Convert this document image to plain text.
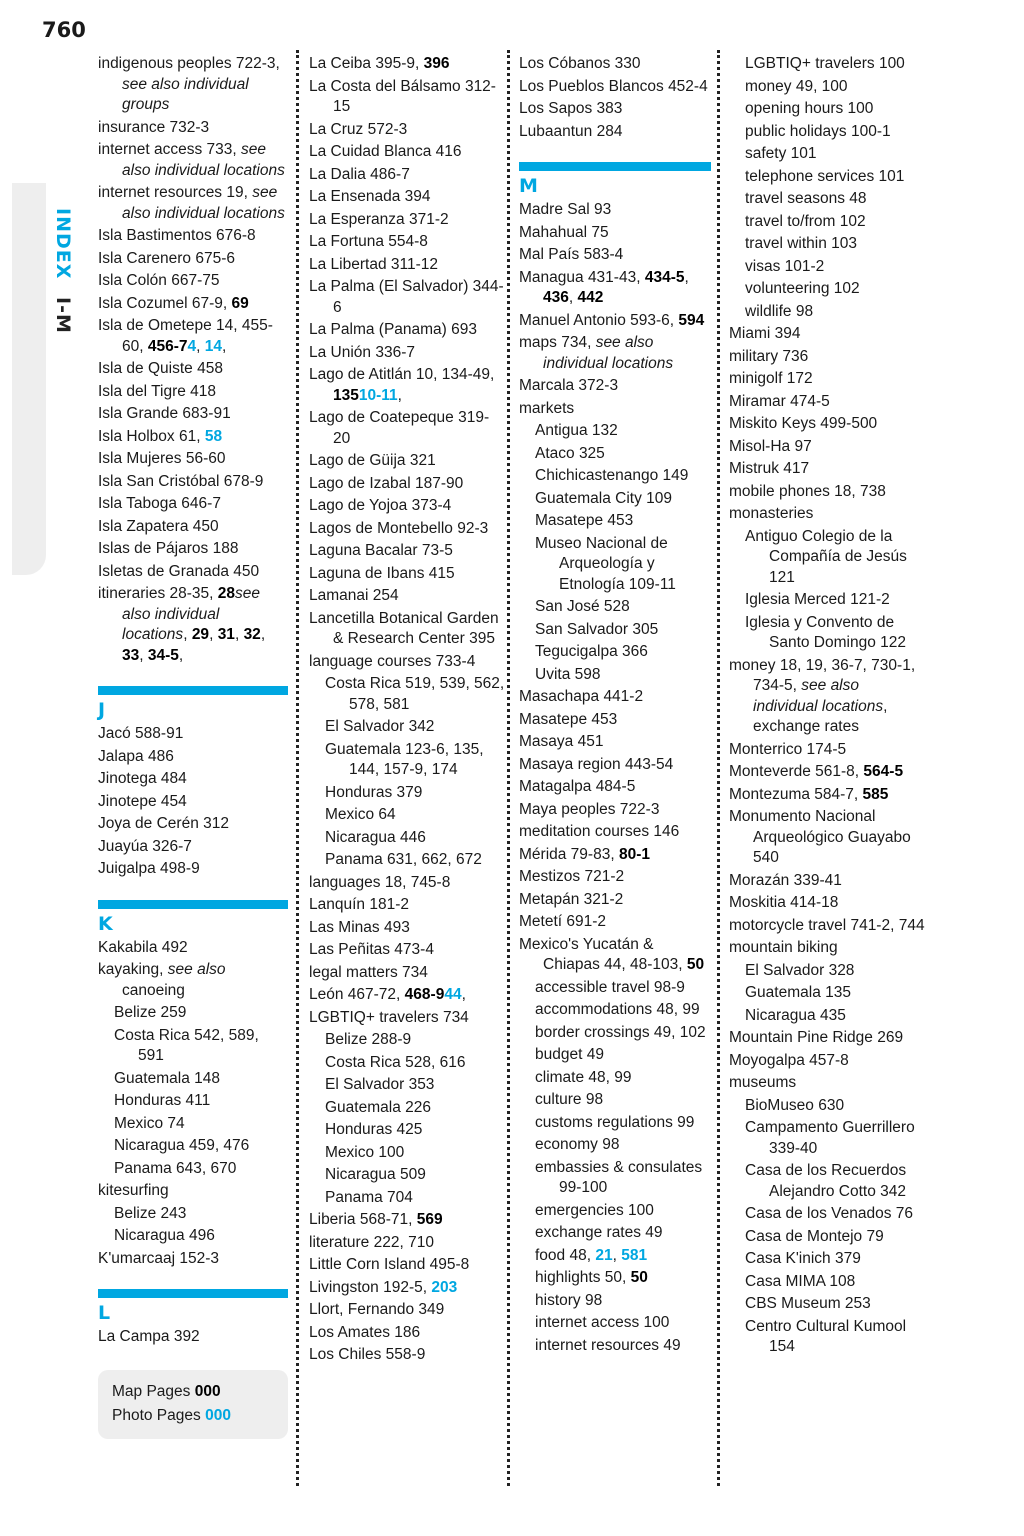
760
INDEX I-M
indigenous peoples 722-3, see also individual groups
insurance 732-3
internet access 733, see also individual locations
internet resources 19, see also individual locations
Isla Bastimentos 676-8
Isla Carenero 675-6
Isla Colón 667-75
Isla Cozumel 67-9, 69
Isla de Ometepe 14, 455-60, 456-74, 14,
Isla de Quiste 458
Isla del Tigre 418
Isla Grande 683-91
Isla Holbox 61, 58
Isla Mujeres 56-60
Isla San Cristóbal 678-9
Isla Taboga 646-7
Isla Zapatera 450
Islas de Pájaros 188
Isletas de Granada 450
itineraries 28-35, 28see also individual locations, 29, 31, 32, 33, 34-5,
J
Jacó 588-91
Jalapa 486
Jinotega 484
Jinotepe 454
Joya de Cerén 312
Juayúa 326-7
Juigalpa 498-9
K
Kakabila 492
kayaking, see also canoeing
Belize 259
Costa Rica 542, 589, 591
Guatemala 148
Honduras 411
Mexico 74
Nicaragua 459, 476
Panama 643, 670
kitesurfing
Belize 243
Nicaragua 496
K'umarcaaj 152-3
L
La Campa 392
Map Pages 000
Photo Pages 000
La Ceiba 395-9, 396
La Costa del Bálsamo 312-15
La Cruz 572-3
La Cuidad Blanca 416
La Dalia 486-7
La Ensenada 394
La Esperanza 371-2
La Fortuna 554-8
La Libertad 311-12
La Palma (El Salvador) 344-6
La Palma (Panama) 693
La Unión 336-7
Lago de Atitlán 10, 134-49, 13510-11,
Lago de Coatepeque 319-20
Lago de Güija 321
Lago de Izabal 187-90
Lago de Yojoa 373-4
Lagos de Montebello 92-3
Laguna Bacalar 73-5
Laguna de Ibans 415
Lamanai 254
Lancetilla Botanical Garden & Research Center 395
language courses 733-4
Costa Rica 519, 539, 562, 578, 581
El Salvador 342
Guatemala 123-6, 135, 144, 157-9, 174
Honduras 379
Mexico 64
Nicaragua 446
Panama 631, 662, 672
languages 18, 745-8
Lanquín 181-2
Las Minas 493
Las Peñitas 473-4
legal matters 734
León 467-72, 468-944,
LGBTIQ+ travelers 734
Belize 288-9
Costa Rica 528, 616
El Salvador 353
Guatemala 226
Honduras 425
Mexico 100
Nicaragua 509
Panama 704
Liberia 568-71, 569
literature 222, 710
Little Corn Island 495-8
Livingston 192-5, 203
Llort, Fernando 349
Los Amates 186
Los Chiles 558-9
Los Cóbanos 330
Los Pueblos Blancos 452-4
Los Sapos 383
Lubaantun 284
M
Madre Sal 93
Mahahual 75
Mal País 583-4
Managua 431-43, 434-5, 436, 442
Manuel Antonio 593-6, 594
maps 734, see also individual locations
Marcala 372-3
markets
Antigua 132
Ataco 325
Chichicastenango 149
Guatemala City 109
Masatepe 453
Museo Nacional de Arqueología y Etnología 109-11
San José 528
San Salvador 305
Tegucigalpa 366
Uvita 598
Masachapa 441-2
Masatepe 453
Masaya 451
Masaya region 443-54
Matagalpa 484-5
Maya peoples 722-3
meditation courses 146
Mérida 79-83, 80-1
Mestizos 721-2
Metapán 321-2
Metetí 691-2
Mexico's Yucatán & Chiapas 44, 48-103, 50
accessible travel 98-9
accommodations 48, 99
border crossings 49, 102
budget 49
climate 48, 99
culture 98
customs regulations 99
economy 98
embassies & consulates 99-100
emergencies 100
exchange rates 49
food 48, 21, 581
highlights 50, 50
history 98
internet access 100
internet resources 49
LGBTIQ+ travelers 100
money 49, 100
opening hours 100
public holidays 100-1
safety 101
telephone services 101
travel seasons 48
travel to/from 102
travel within 103
visas 101-2
volunteering 102
wildlife 98
Miami 394
military 736
minigolf 172
Miramar 474-5
Miskito Keys 499-500
Misol-Ha 97
Mistruk 417
mobile phones 18, 738
monasteries
Antiguo Colegio de la Compañía de Jesús 121
Iglesia Merced 121-2
Iglesia y Convento de Santo Domingo 122
money 18, 19, 36-7, 730-1, 734-5, see also individual locations, exchange rates
Monterrico 174-5
Monteverde 561-8, 564-5
Montezuma 584-7, 585
Monumento Nacional Arqueológico Guayabo 540
Morazán 339-41
Moskitia 414-18
motorcycle travel 741-2, 744
mountain biking
El Salvador 328
Guatemala 135
Nicaragua 435
Mountain Pine Ridge 269
Moyogalpa 457-8
museums
BioMuseo 630
Campamento Guerrillero 339-40
Casa de los Recuerdos Alejandro Cotto 342
Casa de los Venados 76
Casa de Montejo 79
Casa K'inich 379
Casa MIMA 108
CBS Museum 253
Centro Cultural Kumool 154
